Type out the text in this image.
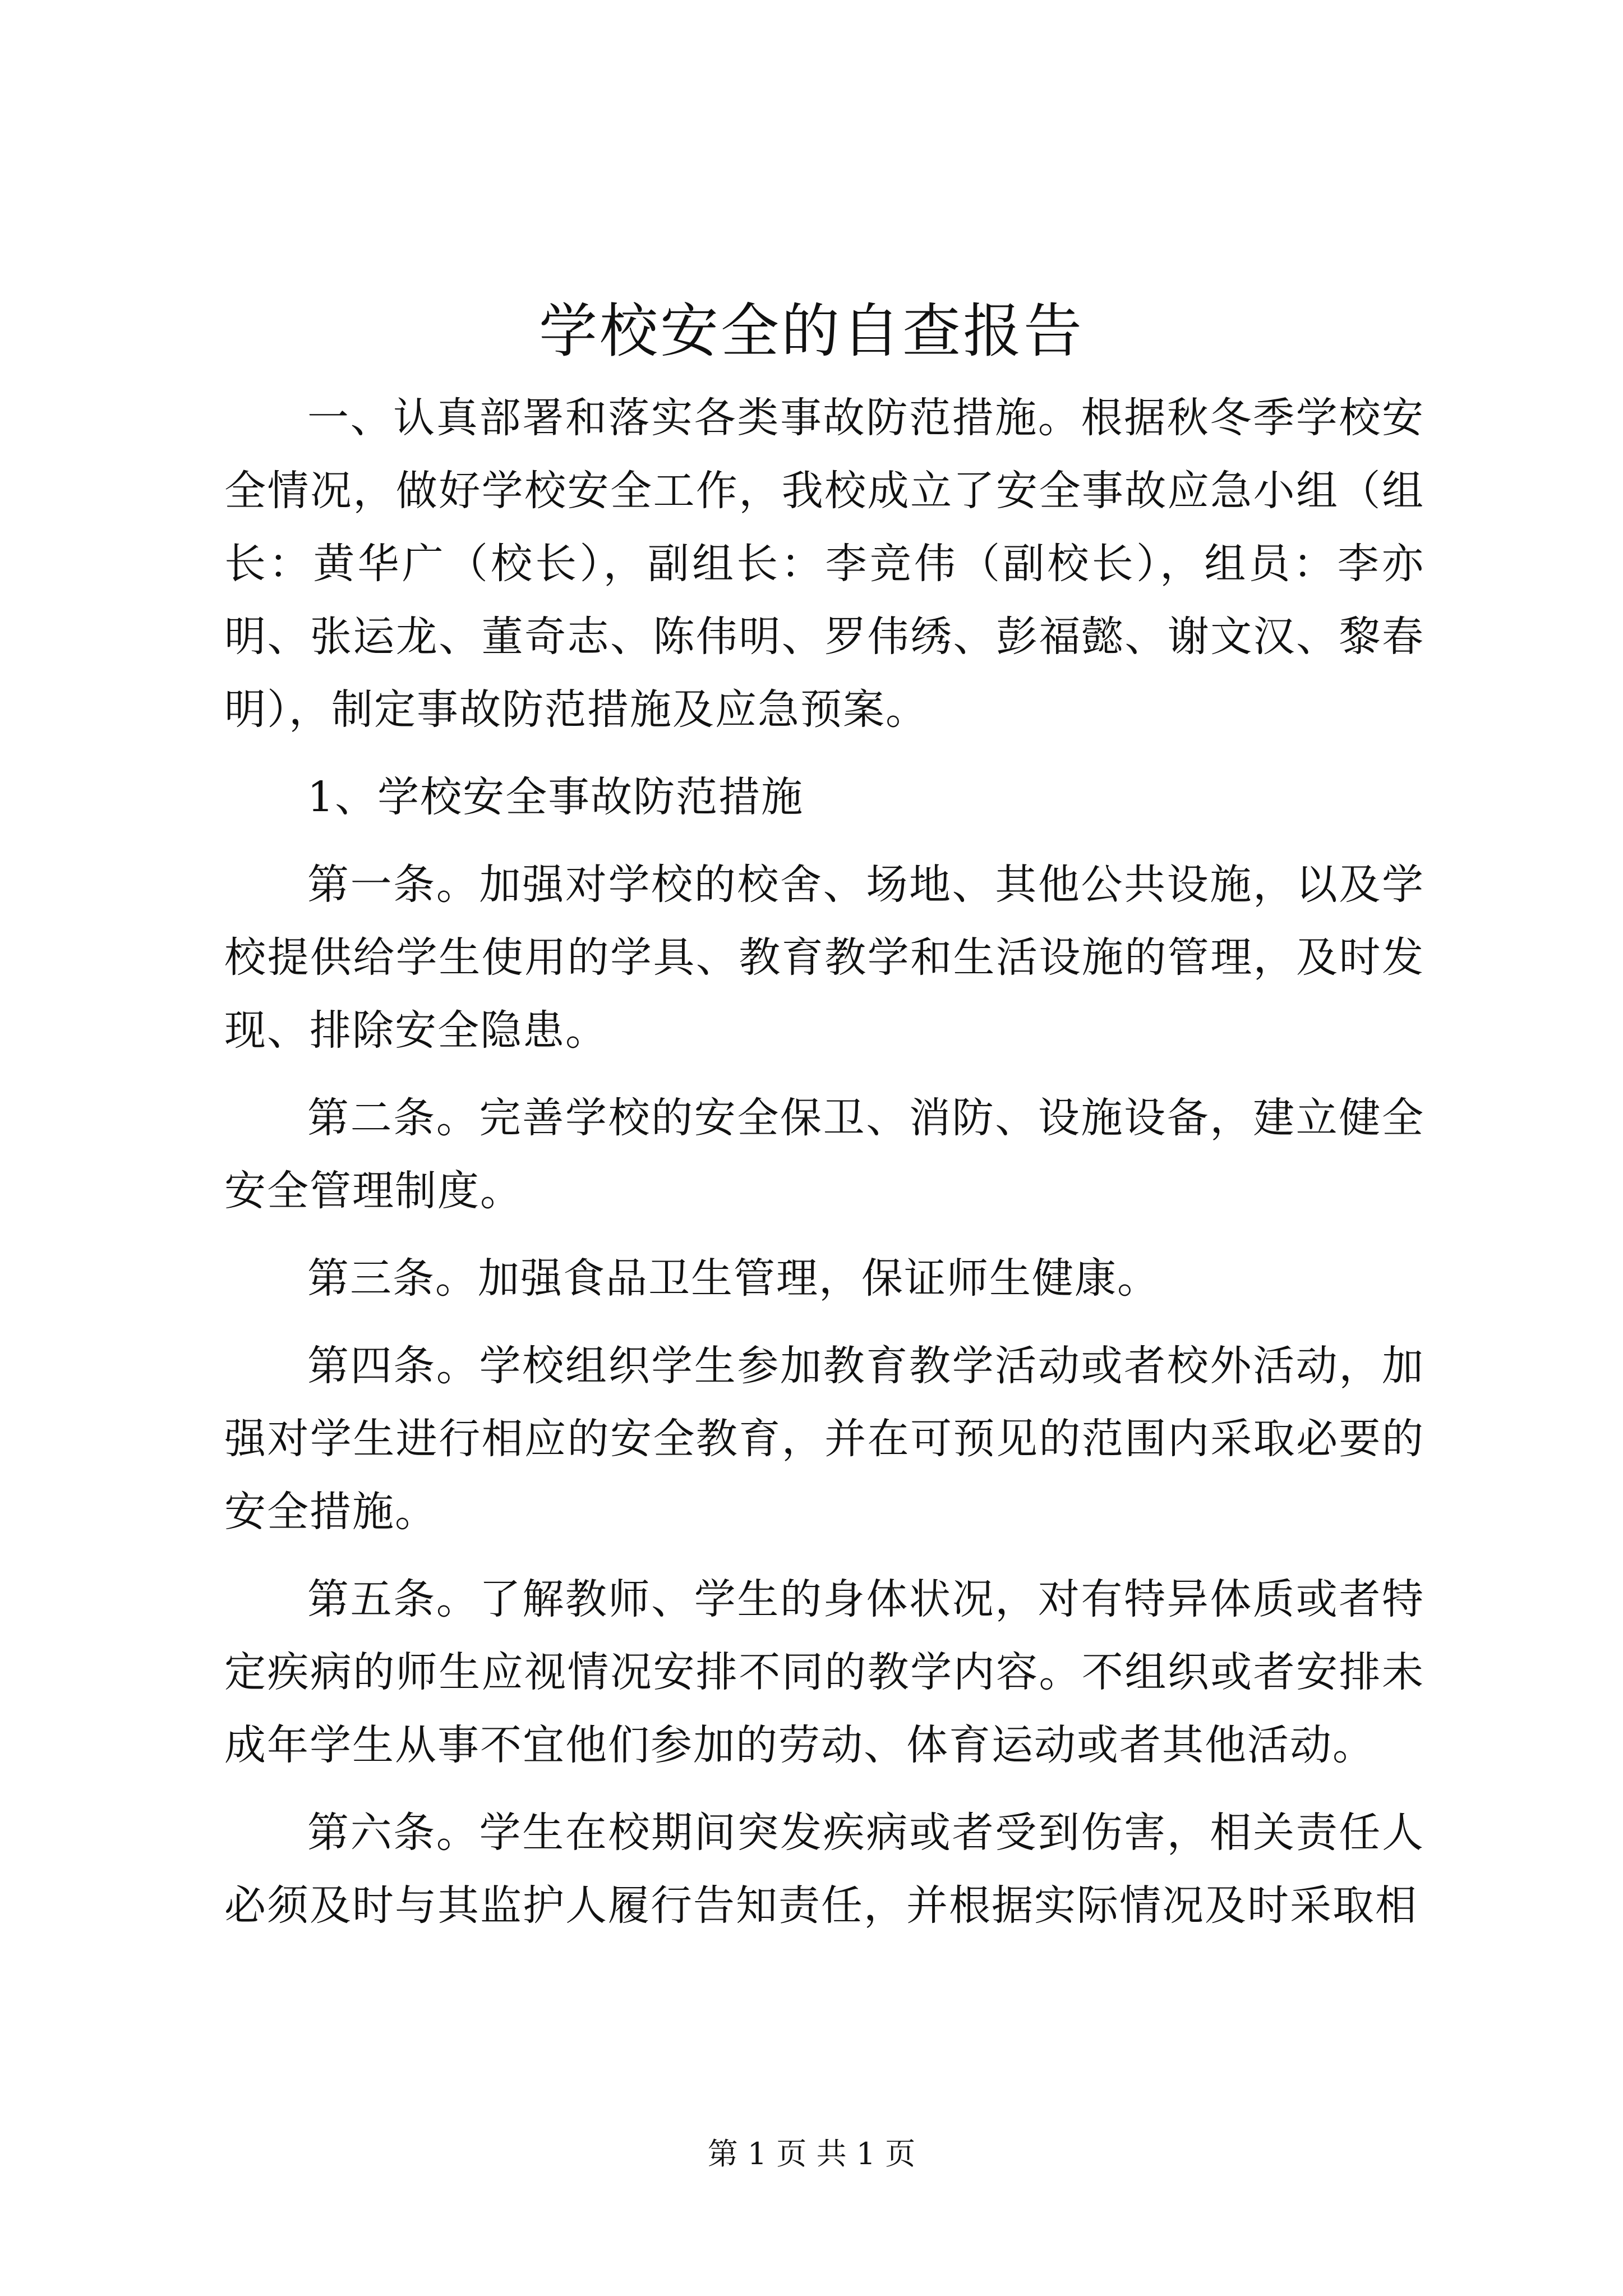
学校安全的自查报告

一、认真部署和落实各类事故防范措施。根据秋冬季学校安全情况，做好学校安全工作，我校成立了安全事故应急小组（组长：黄华广（校长），副组长：李竞伟（副校长），组员：李亦明、张运龙、董奇志、陈伟明、罗伟绣、彭福懿、谢文汉、黎春明），制定事故防范措施及应急预案。

1、学校安全事故防范措施

第一条。加强对学校的校舍、场地、其他公共设施，以及学校提供给学生使用的学具、教育教学和生活设施的管理，及时发现、排除安全隐患。

第二条。完善学校的安全保卫、消防、设施设备，建立健全安全管理制度。

第三条。加强食品卫生管理，保证师生健康。

第四条。学校组织学生参加教育教学活动或者校外活动，加强对学生进行相应的安全教育，并在可预见的范围内采取必要的安全措施。

第五条。了解教师、学生的身体状况，对有特异体质或者特定疾病的师生应视情况安排不同的教学内容。不组织或者安排未成年学生从事不宜他们参加的劳动、体育运动或者其他活动。

第六条。学生在校期间突发疾病或者受到伤害，相关责任人必须及时与其监护人履行告知责任，并根据实际情况及时采取相

第 1 页 共 1 页
